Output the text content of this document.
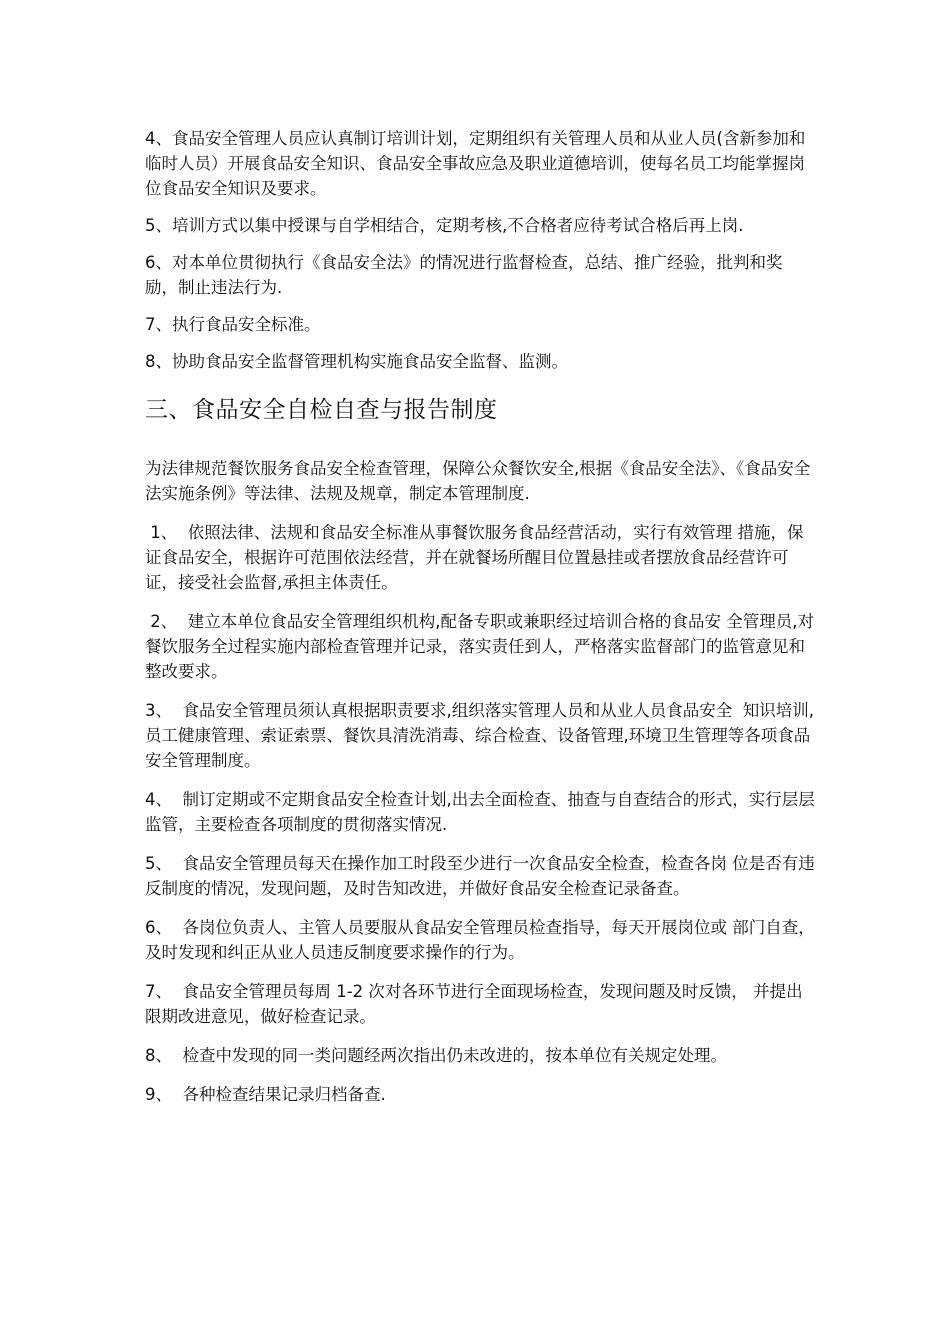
4、食品安全管理人员应认真制订培训计划，定期组织有关管理人员和从业人员(含新参加和临时人员）开展食品安全知识、食品安全事故应急及职业道德培训，使每名员工均能掌握岗位食品安全知识及要求。

5、培训方式以集中授课与自学相结合，定期考核,不合格者应待考试合格后再上岗.

6、对本单位贯彻执行《食品安全法》的情况进行监督检查，总结、推广经验，批判和奖励，制止违法行为.

7、执行食品安全标准。

8、协助食品安全监督管理机构实施食品安全监督、监测。

三、食品安全自检自查与报告制度

为法律规范餐饮服务食品安全检查管理，保障公众餐饮安全,根据《食品安全法》、《食品安全法实施条例》等法律、法规及规章，制定本管理制度.

1、  依照法律、法规和食品安全标准从事餐饮服务食品经营活动，实行有效管理 措施，保证食品安全，根据许可范围依法经营，并在就餐场所醒目位置悬挂或者摆放食品经营许可证，接受社会监督,承担主体责任。

2、  建立本单位食品安全管理组织机构,配备专职或兼职经过培训合格的食品安 全管理员,对餐饮服务全过程实施内部检查管理并记录，落实责任到人，严格落实监督部门的监管意见和整改要求。

3、  食品安全管理员须认真根据职责要求,组织落实管理人员和从业人员食品安全  知识培训,员工健康管理、索证索票、餐饮具清洗消毒、综合检查、设备管理,环境卫生管理等各项食品安全管理制度。

4、  制订定期或不定期食品安全检查计划,出去全面检查、抽查与自查结合的形式，实行层层监管，主要检查各项制度的贯彻落实情况.

5、  食品安全管理员每天在操作加工时段至少进行一次食品安全检查，检查各岗 位是否有违反制度的情况，发现问题，及时告知改进，并做好食品安全检查记录备查。

6、  各岗位负责人、主管人员要服从食品安全管理员检查指导，每天开展岗位或 部门自查，及时发现和纠正从业人员违反制度要求操作的行为。

7、  食品安全管理员每周 1-2 次对各环节进行全面现场检查，发现问题及时反馈， 并提出限期改进意见，做好检查记录。

8、  检查中发现的同一类问题经两次指出仍未改进的，按本单位有关规定处理。

9、  各种检查结果记录归档备查.
